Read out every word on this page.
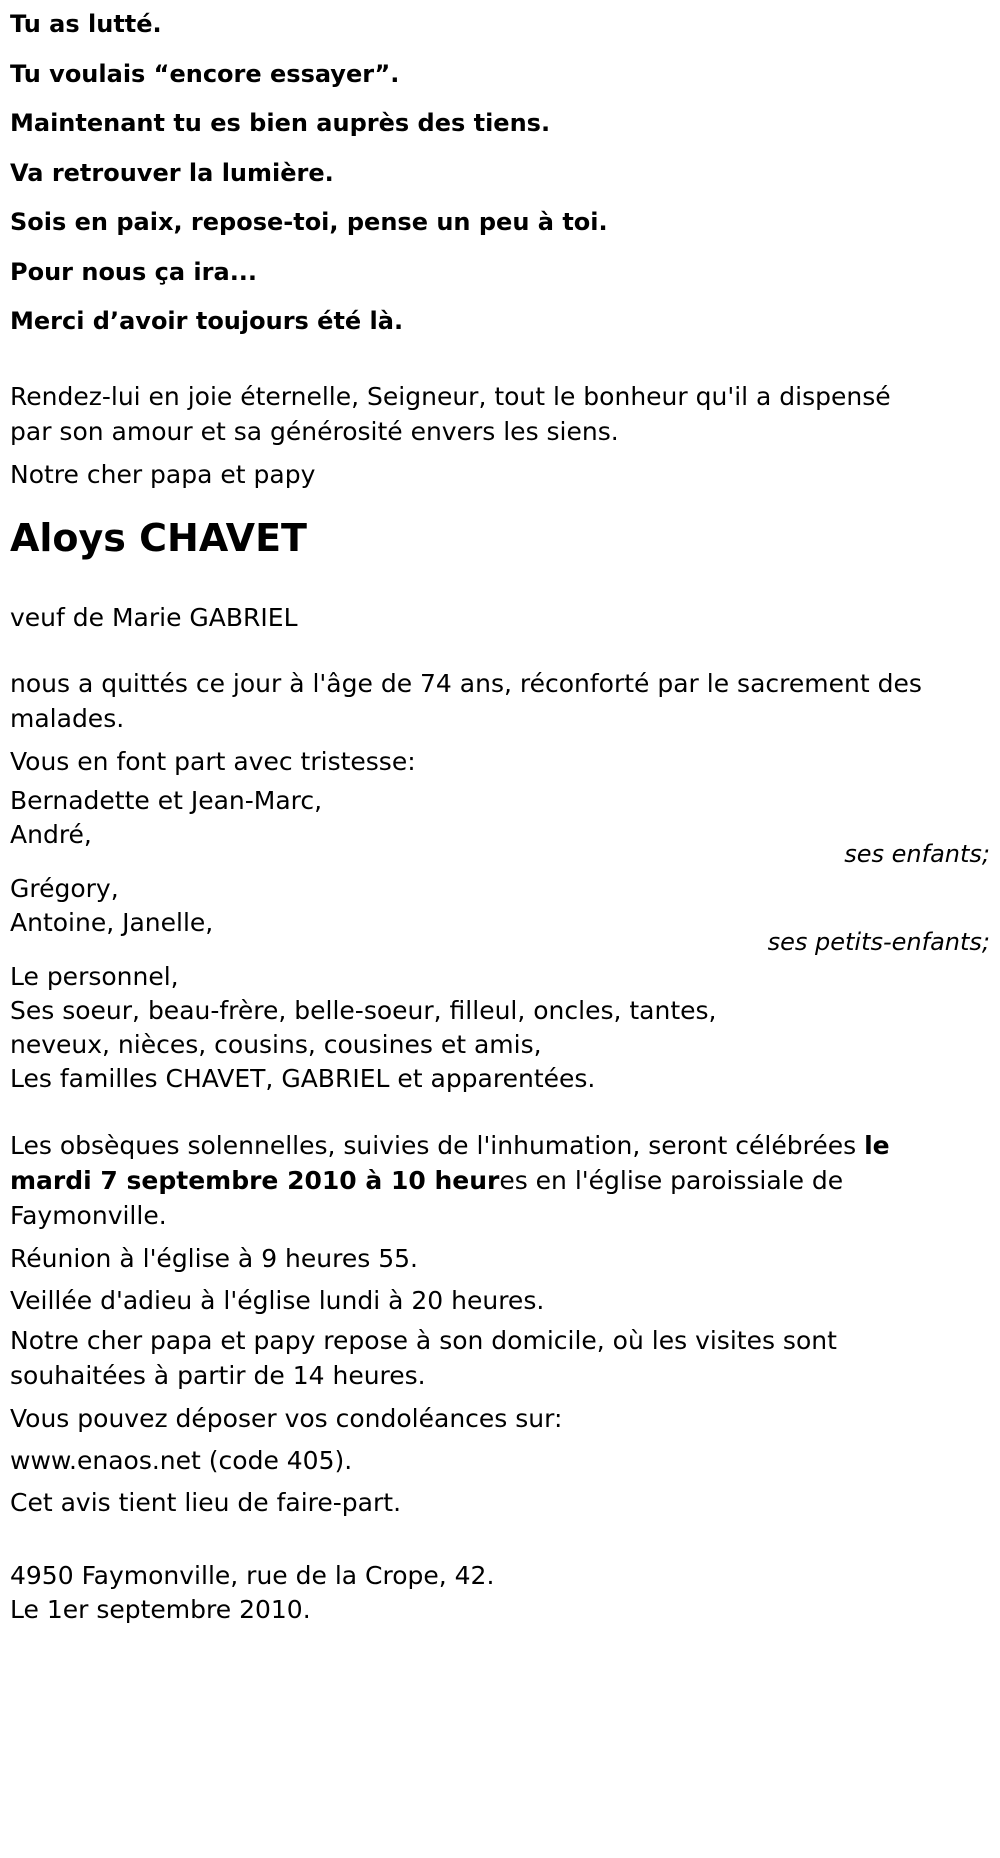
Tu as lutté.
Tu voulais “encore essayer”.
Maintenant tu es bien auprès des tiens.
Va retrouver la lumière.
Sois en paix, repose-toi, pense un peu à toi.
Pour nous ça ira...
Merci d’avoir toujours été là.
Rendez-lui en joie éternelle, Seigneur, tout le bonheur qu'il a dispensé
par son amour et sa générosité envers les siens.
Notre cher papa et papy
Aloys CHAVET
veuf de Marie GABRIEL
nous a quittés ce jour à l'âge de 74 ans, réconforté par le sacrement des
malades.
Vous en font part avec tristesse:
Bernadette et Jean-Marc,
André,
ses enfants;
Grégory,
Antoine, Janelle,
ses petits-enfants;
Le personnel,
Ses soeur, beau-frère, belle-soeur, filleul, oncles, tantes,
neveux, nièces, cousins, cousines et amis,
Les familles CHAVET, GABRIEL et apparentées.
Les obsèques solennelles, suivies de l'inhumation, seront célébrées le
mardi 7 septembre 2010 à 10 heures en l'église paroissiale de
Faymonville.
Réunion à l'église à 9 heures 55.
Veillée d'adieu à l'église lundi à 20 heures.
Notre cher papa et papy repose à son domicile, où les visites sont
souhaitées à partir de 14 heures.
Vous pouvez déposer vos condoléances sur:
www.enaos.net (code 405).
Cet avis tient lieu de faire-part.
4950 Faymonville, rue de la Crope, 42.
Le 1er septembre 2010.
